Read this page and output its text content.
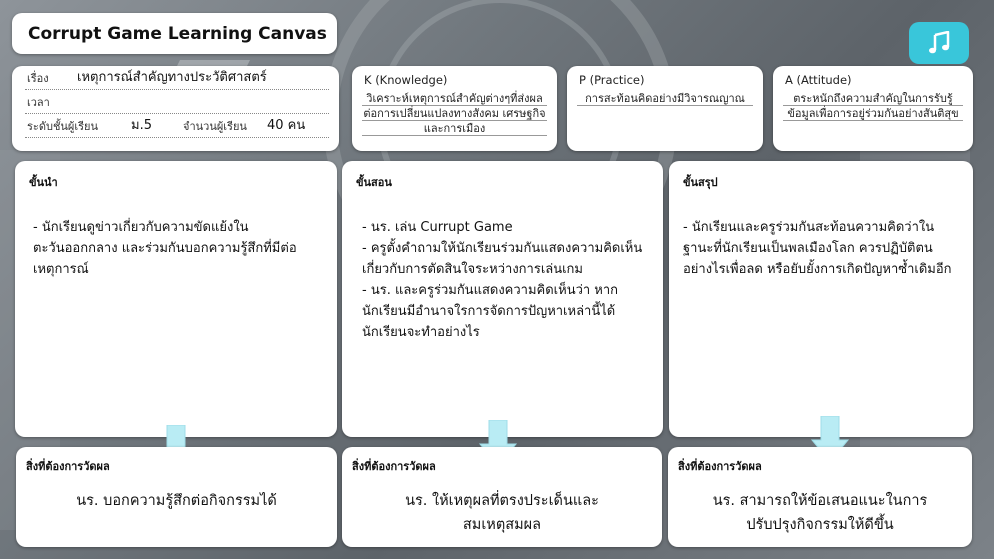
Corrupt Game Learning Canvas
เรื่อง เหตุการณ์สำคัญทางประวัติศาสตร์
เวลา
ระดับชั้นผู้เรียน	ม.5	จำนวนผู้เรียน 40 คน
K (Knowledge)
วิเคราะห์เหตุการณ์สำคัญต่างๆที่ส่งผลต่อการเปลี่ยนแปลงทางสังคม เศรษฐกิจและการเมือง
P (Practice)
การสะท้อนคิดอย่างมีวิจารณญาณ
A (Attitude)
ตระหนักถึงความสำคัญในการรับรู้ข้อมูลเพื่อการอยู่ร่วมกันอย่างสันติสุข
ขั้นนำ
- นักเรียนดูข่าวเกี่ยวกับความขัดแย้งในตะวันออกกลาง และร่วมกันบอกความรู้สึกที่มีต่อเหตุการณ์
ขั้นสอน
- นร. เล่น Currupt Game
- ครูตั้งคำถามให้นักเรียนร่วมกันแสดงความคิดเห็นเกี่ยวกับการตัดสินใจระหว่างการเล่นเกม
- นร. และครูร่วมกันแสดงความคิดเห็นว่า หากนักเรียนมีอำนาจใรการจัดการปัญหาเหล่านี้ได้ นักเรียนจะทำอย่างไร
ขั้นสรุป
- นักเรียนและครูร่วมกันสะท้อนความคิดว่าในฐานะที่นักเรียนเป็นพลเมืองโลก ควรปฏิบัติตนอย่างไรเพื่อลด หรือยับยั้งการเกิดปัญหาซ้ำเดิมอีก
สิ่งที่ต้องการวัดผล
นร. บอกความรู้สึกต่อกิจกรรมได้
สิ่งที่ต้องการวัดผล
นร. ให้เหตุผลที่ตรงประเด็นและสมเหตุสมผล
สิ่งที่ต้องการวัดผล
นร. สามารถให้ข้อเสนอแนะในการปรับปรุงกิจกรรมให้ดีขึ้น
